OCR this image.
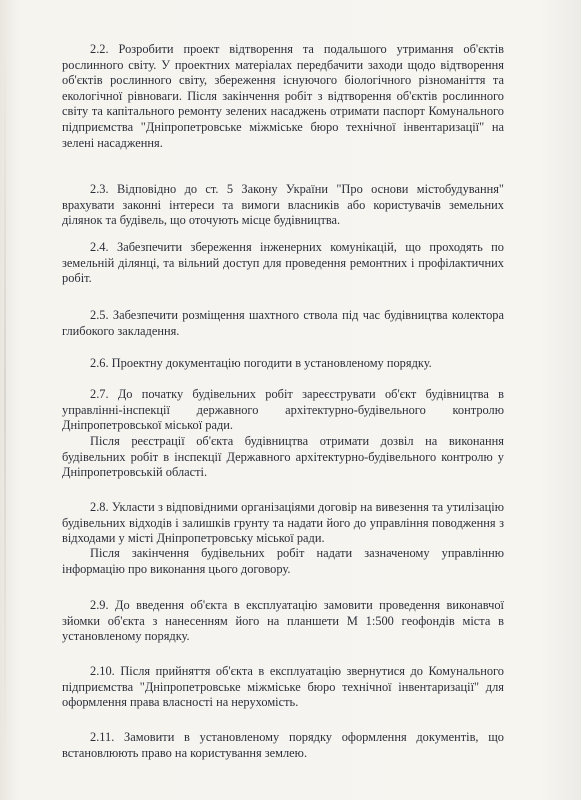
2.2. Розробити проект відтворення та подальшого утримання об'єктів рослинного світу. У проектних матеріалах передбачити заходи щодо відтворення об'єктів рослинного світу, збереження існуючого біологічного різноманіття та екологічної рівноваги. Після закінчення робіт з відтворення об'єктів рослинного світу та капітального ремонту зелених насаджень отримати паспорт Комунального підприємства "Дніпропетровське міжміське бюро технічної інвентаризації" на зелені насадження.

2.3. Відповідно до ст. 5 Закону України "Про основи містобудування" врахувати законні інтереси та вимоги власників або користувачів земельних ділянок та будівель, що оточують місце будівництва.

2.4. Забезпечити збереження інженерних комунікацій, що проходять по земельній ділянці, та вільний доступ для проведення ремонтних і профілактичних робіт.

2.5. Забезпечити розміщення шахтного ствола під час будівництва колектора глибокого закладення.

2.6. Проектну документацію погодити в установленому порядку.

2.7. До початку будівельних робіт зареєструвати об'єкт будівництва в управлінні-інспекції державного архітектурно-будівельного контролю Дніпропетровської міської ради.

Після реєстрації об'єкта будівництва отримати дозвіл на виконання будівельних робіт в інспекції Державного архітектурно-будівельного контролю у Дніпропетровській області.

2.8. Укласти з відповідними організаціями договір на вивезення та утилізацію будівельних відходів і залишків грунту та надати його до управління поводження з відходами у місті Дніпропетровську міської ради.

Після закінчення будівельних робіт надати зазначеному управлінню інформацію про виконання цього договору.

2.9. До введення об'єкта в експлуатацію замовити проведення виконавчої зйомки об'єкта з нанесенням його на планшети М 1:500 геофондів міста в установленому порядку.

2.10. Після прийняття об'єкта в експлуатацію звернутися до Комунального підприємства "Дніпропетровське міжміське бюро технічної інвентаризації" для оформлення права власності на нерухомість.

2.11. Замовити в установленому порядку оформлення документів, що встановлюють право на користування землею.
